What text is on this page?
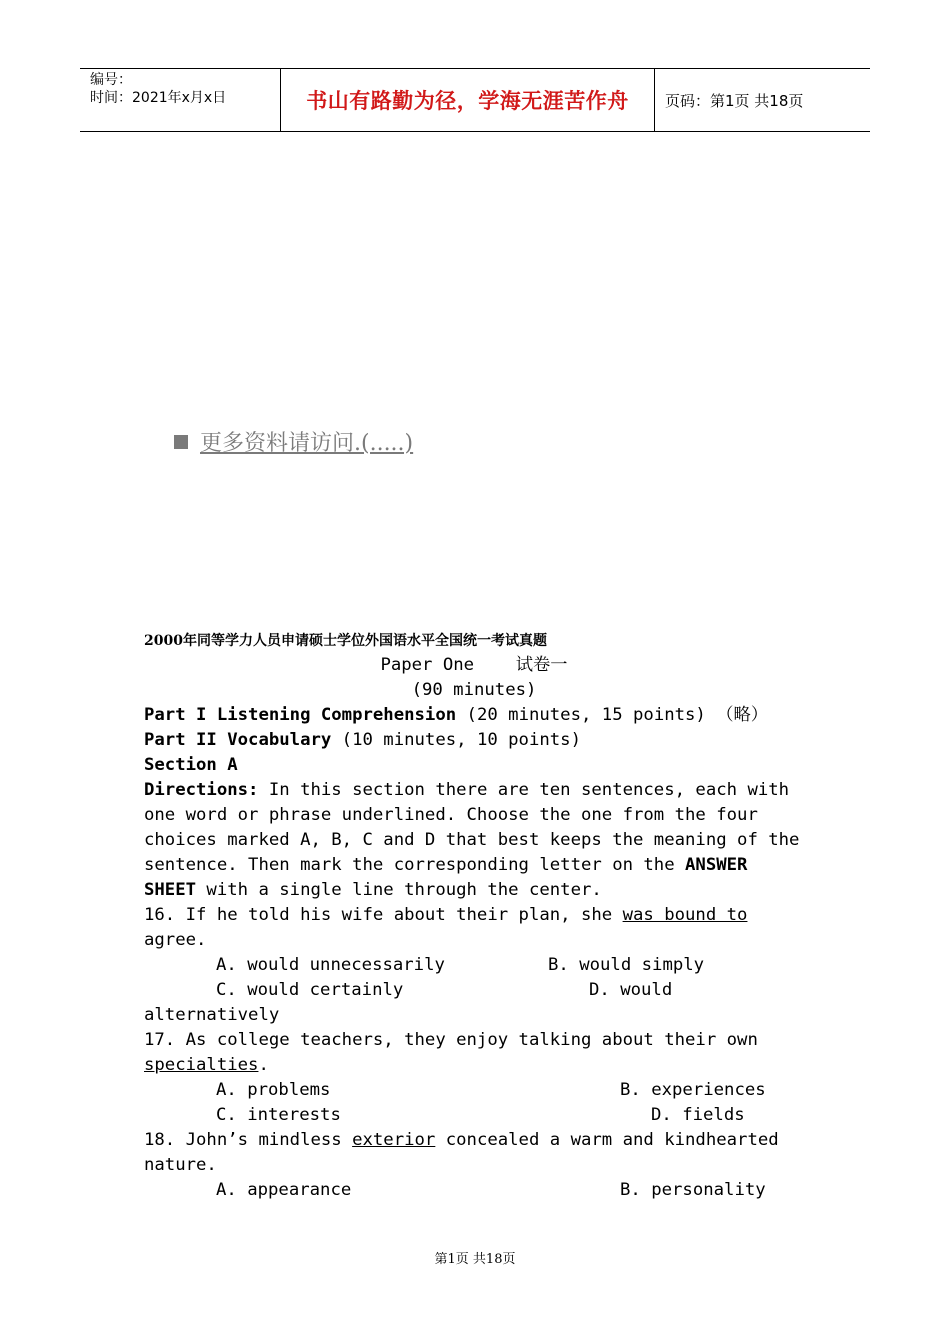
编号：
时间：2021年x月x日	书山有路勤为径，学海无涯苦作舟 页码：第1页 共18页
更多资料请访问.(.....)
2000年同等学力人员申请硕士学位外国语水平全国统一考试真题

Paper One    试卷一

(90 minutes)

Part I Listening Comprehension (20 minutes, 15 points) （略）

Part II Vocabulary (10 minutes, 10 points)

Section A

Directions: In this section there are ten sentences, each with one word or phrase underlined. Choose the one from the four choices marked A, B, C and D that best keeps the meaning of the sentence. Then mark the corresponding letter on the ANSWER SHEET with a single line through the center.

16. If he told his wife about their plan, she was bound to agree.

A. would unnecessarily	B. would simply
C. would certainly	D. would

alternatively

17. As college teachers, they enjoy talking about their own specialties.

A. problems	B. experiences
C. interests	D. fields

18. John’s mindless exterior concealed a warm and kindhearted nature.

A. appearance	B. personality
第1页 共18页
